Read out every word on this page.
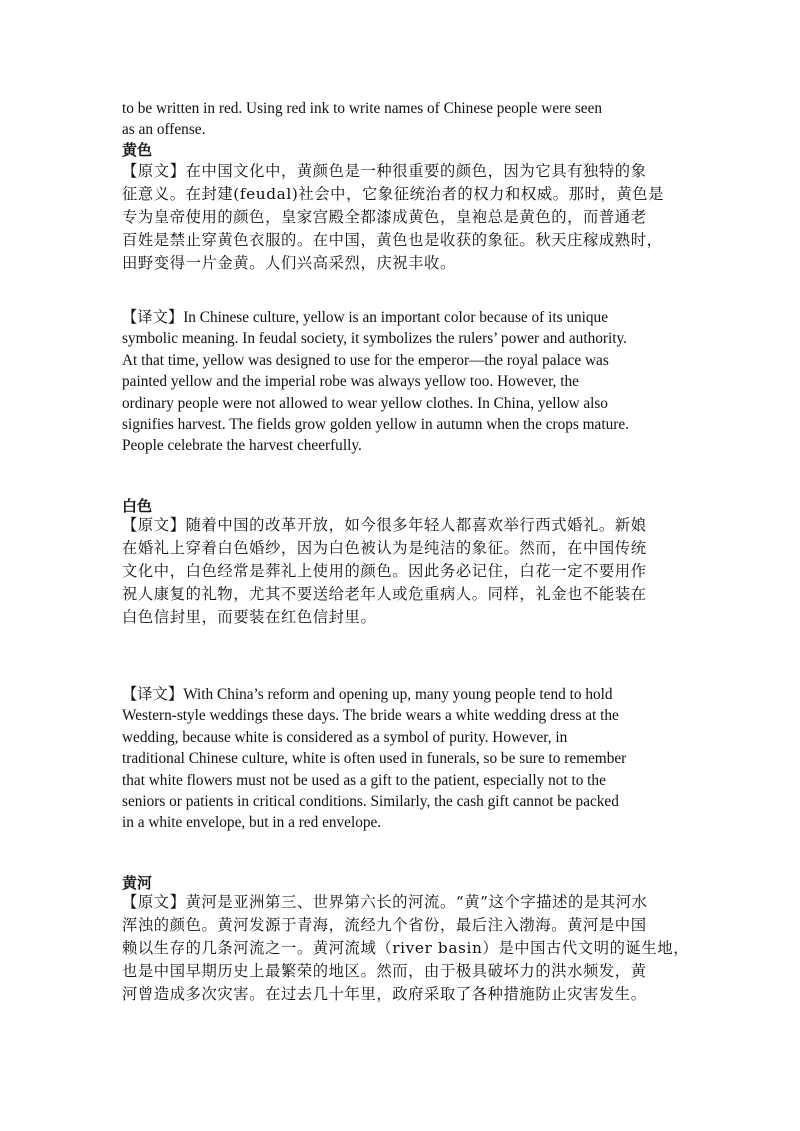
to be written in red. Using red ink to write names of Chinese people were seen
as an offense.
黄色
【原文】在中国文化中，黄颜色是一种很重要的颜色，因为它具有独特的象
征意义。在封建(feudal)社会中，它象征统治者的权力和权威。那时，黄色是
专为皇帝使用的颜色，皇家宫殿全都漆成黄色，皇袍总是黄色的，而普通老
百姓是禁止穿黄色衣服的。在中国，黄色也是收获的象征。秋天庄稼成熟时，
田野变得一片金黄。人们兴高采烈，庆祝丰收。
【译文】In Chinese culture, yellow is an important color because of its unique
symbolic meaning. In feudal society, it symbolizes the rulers’ power and authority.
At that time, yellow was designed to use for the emperor—the royal palace was
painted yellow and the imperial robe was always yellow too. However, the
ordinary people were not allowed to wear yellow clothes. In China, yellow also
signifies harvest. The fields grow golden yellow in autumn when the crops mature.
People celebrate the harvest cheerfully.
白色
【原文】随着中国的改革开放，如今很多年轻人都喜欢举行西式婚礼。新娘
在婚礼上穿着白色婚纱，因为白色被认为是纯洁的象征。然而，在中国传统
文化中，白色经常是葬礼上使用的颜色。因此务必记住，白花一定不要用作
祝人康复的礼物，尤其不要送给老年人或危重病人。同样，礼金也不能装在
白色信封里，而要装在红色信封里。
【译文】With China’s reform and opening up, many young people tend to hold
Western-style weddings these days. The bride wears a white wedding dress at the
wedding, because white is considered as a symbol of purity. However, in
traditional Chinese culture, white is often used in funerals, so be sure to remember
that white flowers must not be used as a gift to the patient, especially not to the
seniors or patients in critical conditions. Similarly, the cash gift cannot be packed
in a white envelope, but in a red envelope.
黄河
【原文】黄河是亚洲第三、世界第六长的河流。“黄”这个字描述的是其河水
浑浊的颜色。黄河发源于青海，流经九个省份，最后注入渤海。黄河是中国
赖以生存的几条河流之一。黄河流域（river basin）是中国古代文明的诞生地，
也是中国早期历史上最繁荣的地区。然而，由于极具破坏力的洪水频发，黄
河曾造成多次灾害。在过去几十年里，政府采取了各种措施防止灾害发生。
